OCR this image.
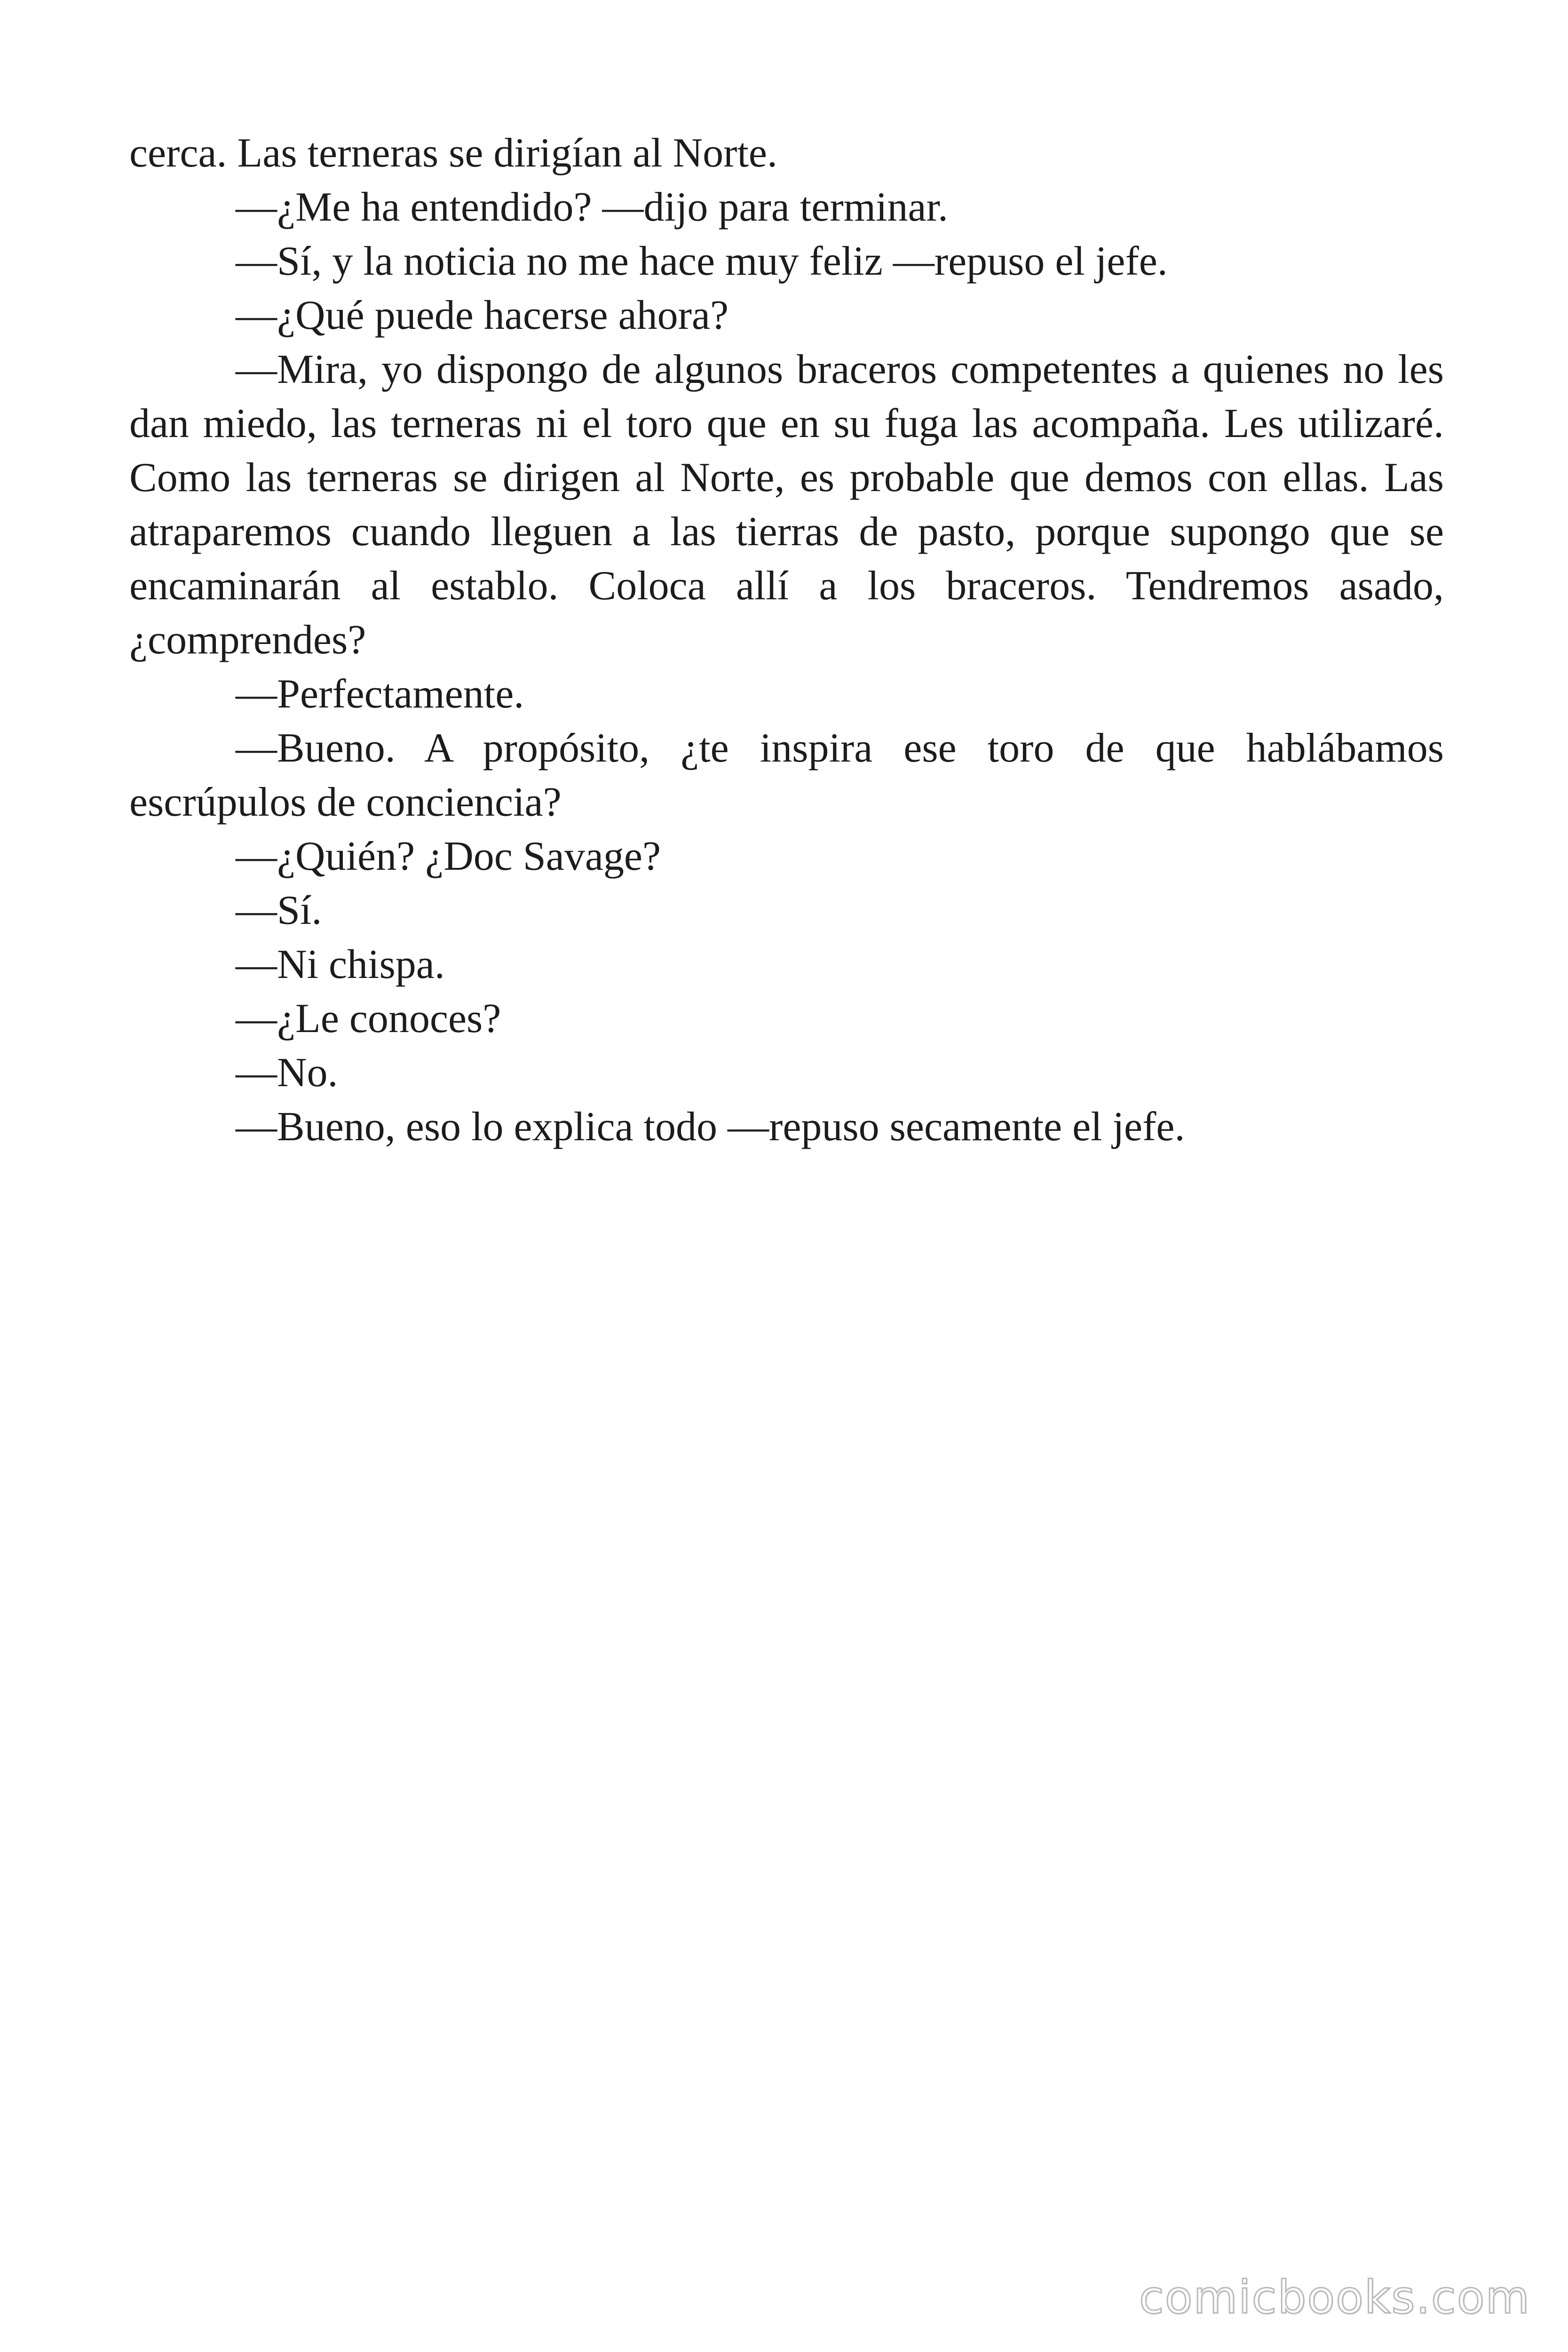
cerca. Las terneras se dirigían al Norte.

—¿Me ha entendido? —dijo para terminar.

—Sí, y la noticia no me hace muy feliz —repuso el jefe.

—¿Qué puede hacerse ahora?

—Mira, yo dispongo de algunos braceros competentes a quienes no les dan miedo, las terneras ni el toro que en su fuga las acompaña. Les utilizaré. Como las terneras se dirigen al Norte, es probable que demos con ellas. Las atraparemos cuando lleguen a las tierras de pasto, porque supongo que se encaminarán al establo. Coloca allí a los braceros. Tendremos asado, ¿comprendes?

—Perfectamente.

—Bueno. A propósito, ¿te inspira ese toro de que hablábamos escrúpulos de conciencia?

—¿Quién? ¿Doc Savage?

—Sí.

—Ni chispa.

—¿Le conoces?

—No.

—Bueno, eso lo explica todo —repuso secamente el jefe.

comicbooks.com
